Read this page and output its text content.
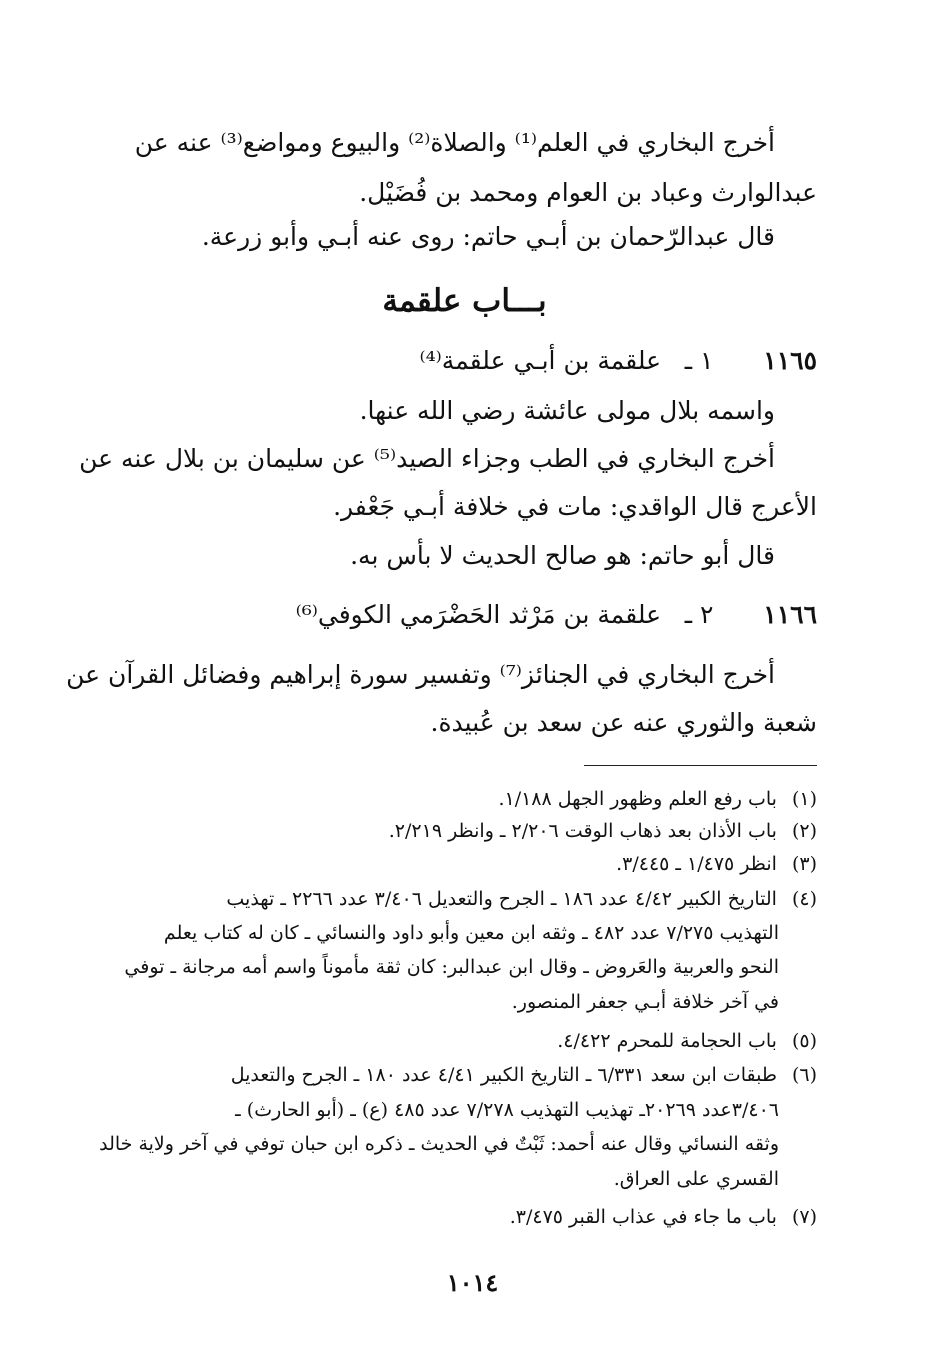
أخرج البخاري في العلم⁽¹⁾ والصلاة⁽²⁾ والبيوع ومواضع⁽³⁾ عنه عن
عبدالوارث وعباد بن العوام ومحمد بن فُضَيْل.
قال عبدالرّحمان بن أبـي حاتم: روى عنه أبـي وأبو زرعة.
بـــاب علقمة
١١٦٥ ١ ـ علقمة بن أبـي علقمة⁽⁴⁾
واسمه بلال مولى عائشة رضي الله عنها.
أخرج البخاري في الطب وجزاء الصيد⁽⁵⁾ عن سليمان بن بلال عنه عن
الأعرج قال الواقدي: مات في خلافة أبـي جَعْفر.
قال أبو حاتم: هو صالح الحديث لا بأس به.
١١٦٦ ٢ ـ علقمة بن مَرْثد الحَضْرَمي الكوفي⁽⁶⁾
أخرج البخاري في الجنائز⁽⁷⁾ وتفسير سورة إبراهيم وفضائل القرآن عن
شعبة والثوري عنه عن سعد بن عُبيدة.
(١) باب رفع العلم وظهور الجهل ١/١٨٨.
(٢) باب الأذان بعد ذهاب الوقت ٢/٢٠٦ ـ وانظر ٢/٢١٩.
(٣) انظر ١/٤٧٥ ـ ٣/٤٤٥.
(٤) التاريخ الكبير ٤/٤٢ عدد ١٨٦ ـ الجرح والتعديل ٣/٤٠٦ عدد ٢٢٦٦ ـ تهذيب
التهذيب ٧/٢٧٥ عدد ٤٨٢ ـ وثقه ابن معين وأبو داود والنسائي ـ كان له كتاب يعلم
النحو والعربية والعَروض ـ وقال ابن عبدالبر: كان ثقة مأموناً واسم أمه مرجانة ـ توفي
في آخر خلافة أبـي جعفر المنصور.
(٥) باب الحجامة للمحرم ٤/٤٢٢.
(٦) طبقات ابن سعد ٦/٣٣١ ـ التاريخ الكبير ٤/٤١ عدد ١٨٠ ـ الجرح والتعديل
٣/٤٠٦عدد ٢٠٢٦٩ـ تهذيب التهذيب ٧/٢٧٨ عدد ٤٨٥ (ع) ـ (أبو الحارث) ـ
وثقه النسائي وقال عنه أحمد: ثَبْتٌ في الحديث ـ ذكره ابن حبان توفي في آخر ولاية خالد
القسري على العراق.
(٧) باب ما جاء في عذاب القبر ٣/٤٧٥.
١٠١٤
